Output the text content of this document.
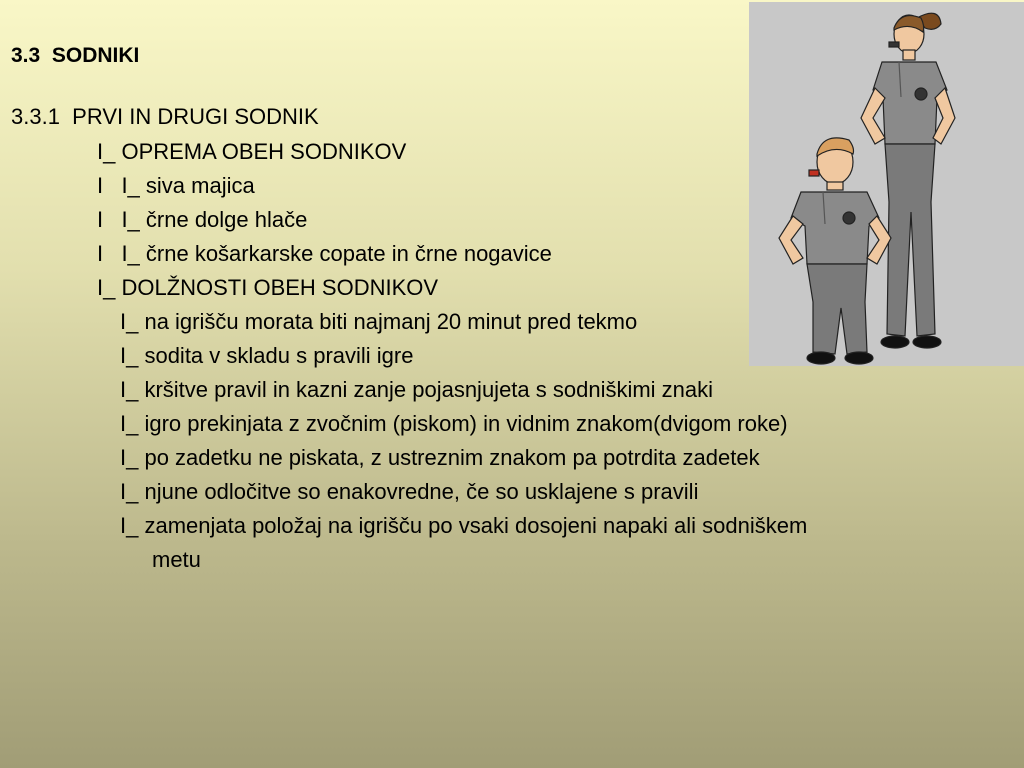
3.3  SODNIKI
3.3.1  PRVI IN DRUGI SODNIK
I_ OPREMA OBEH SODNIKOV
I   I_ siva majica
I   I_ črne dolge hlače
I   I_ črne košarkarske copate in črne nogavice
I_ DOLŽNOSTI OBEH SODNIKOV
I_ na igrišču morata biti najmanj 20 minut pred tekmo
I_ sodita v skladu s pravili igre
I_ kršitve pravil in kazni zanje pojasnjujeta s sodniškimi znaki
I_ igro prekinjata z zvočnim (piskom) in vidnim znakom(dvigom roke)
I_ po zadetku ne piskata, z ustreznim znakom pa potrdita zadetek
I_ njune odločitve so enakovredne, če so usklajene s pravili
I_ zamenjata položaj na igrišču po vsaki dosojeni napaki ali sodniškem
metu
